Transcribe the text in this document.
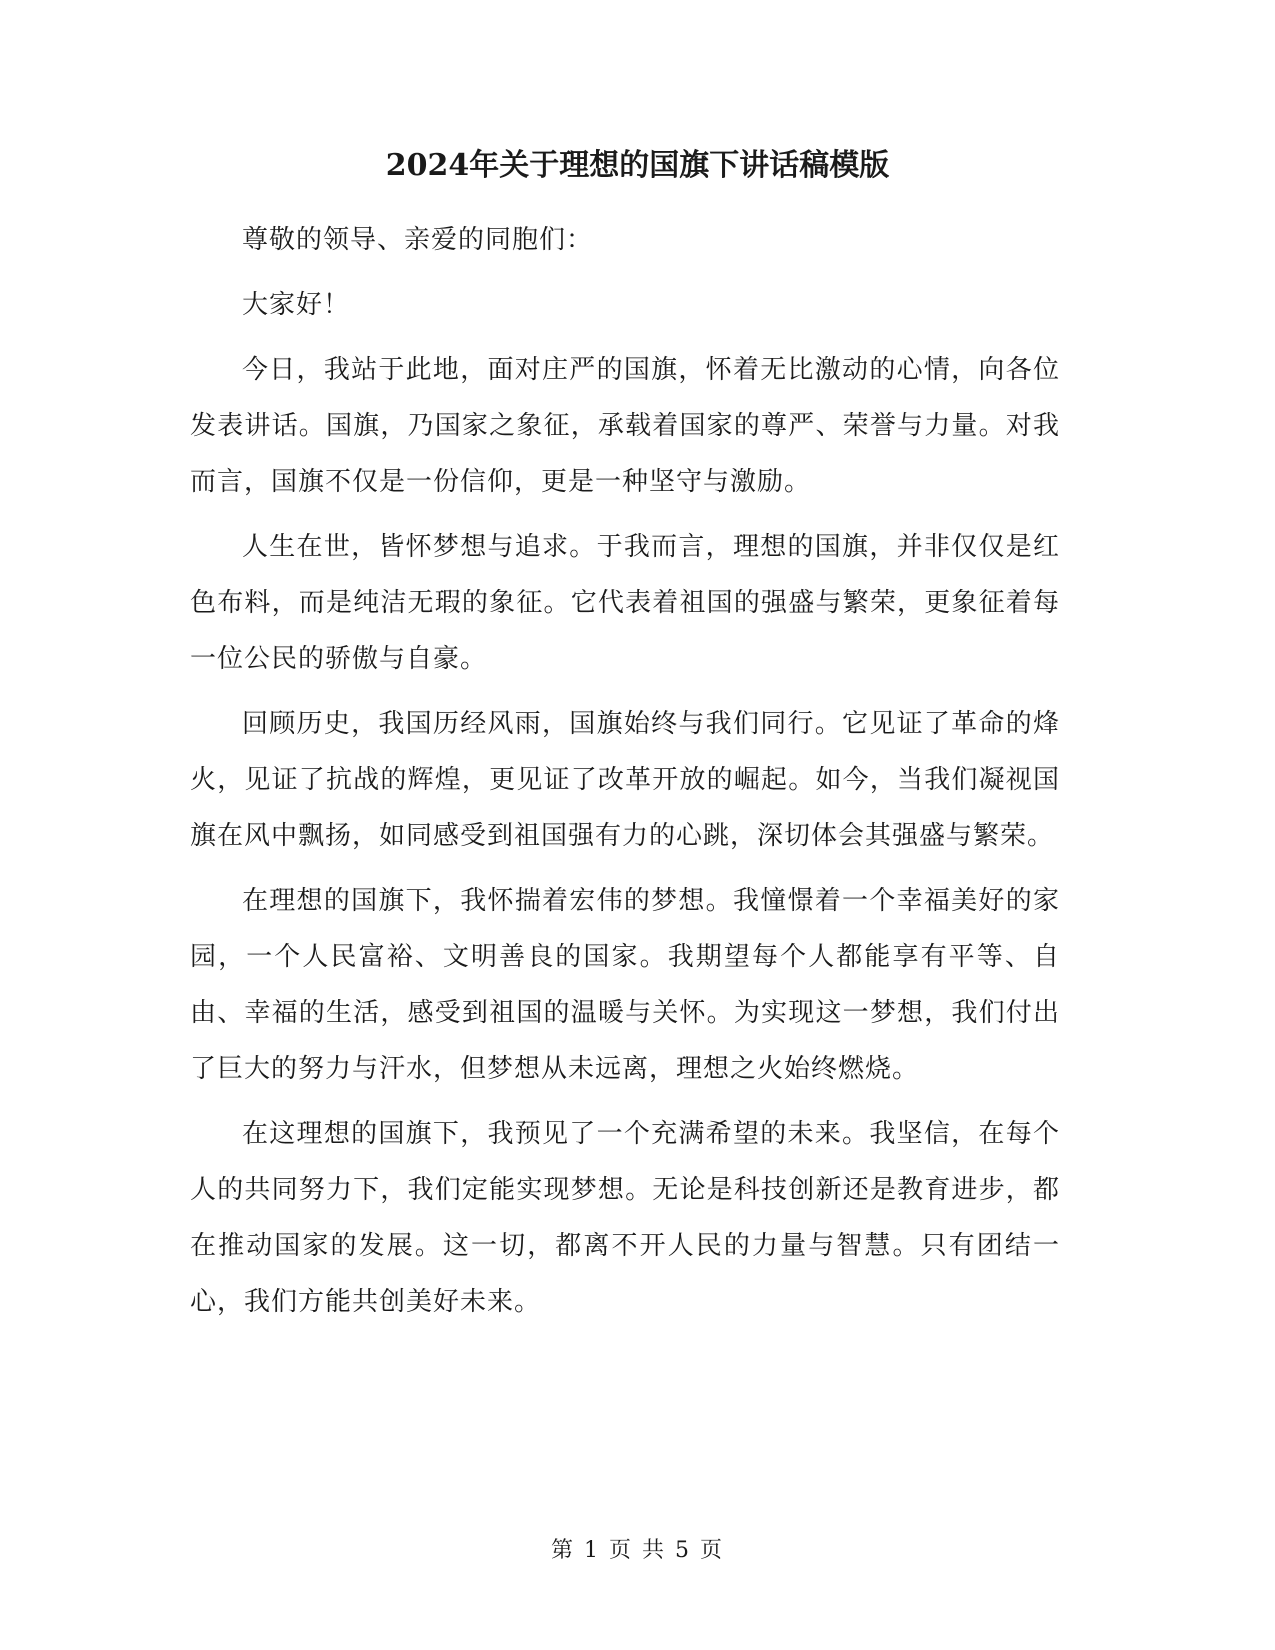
2024年关于理想的国旗下讲话稿模版

尊敬的领导、亲爱的同胞们：

大家好！

今日，我站于此地，面对庄严的国旗，怀着无比激动的心情，向各位发表讲话。国旗，乃国家之象征，承载着国家的尊严、荣誉与力量。对我而言，国旗不仅是一份信仰，更是一种坚守与激励。

人生在世，皆怀梦想与追求。于我而言，理想的国旗，并非仅仅是红色布料，而是纯洁无瑕的象征。它代表着祖国的强盛与繁荣，更象征着每一位公民的骄傲与自豪。

回顾历史，我国历经风雨，国旗始终与我们同行。它见证了革命的烽火，见证了抗战的辉煌，更见证了改革开放的崛起。如今，当我们凝视国旗在风中飘扬，如同感受到祖国强有力的心跳，深切体会其强盛与繁荣。

在理想的国旗下，我怀揣着宏伟的梦想。我憧憬着一个幸福美好的家园，一个人民富裕、文明善良的国家。我期望每个人都能享有平等、自由、幸福的生活，感受到祖国的温暖与关怀。为实现这一梦想，我们付出了巨大的努力与汗水，但梦想从未远离，理想之火始终燃烧。

在这理想的国旗下，我预见了一个充满希望的未来。我坚信，在每个人的共同努力下，我们定能实现梦想。无论是科技创新还是教育进步，都在推动国家的发展。这一切，都离不开人民的力量与智慧。只有团结一心，我们方能共创美好未来。

第 1 页 共 5 页
